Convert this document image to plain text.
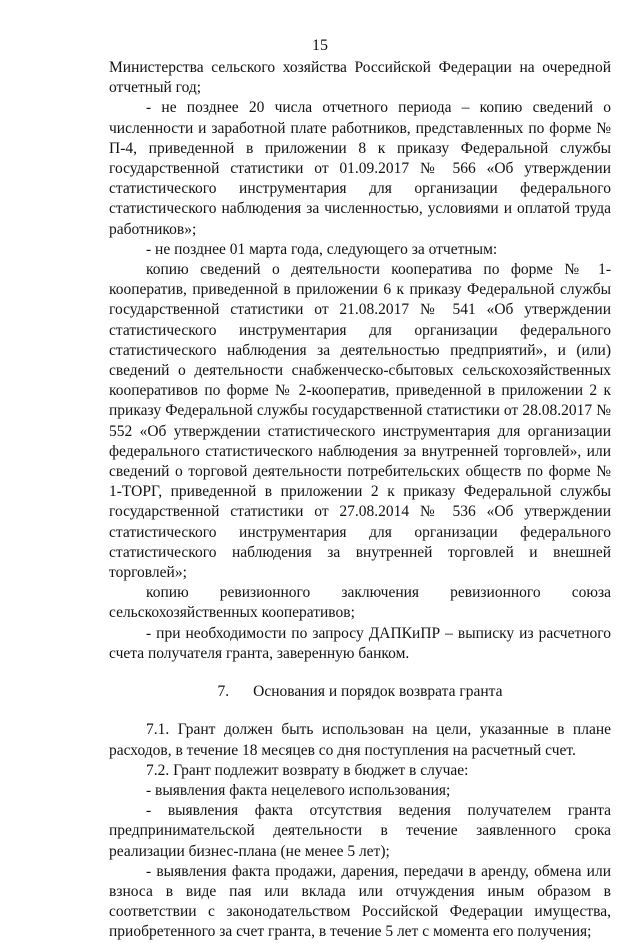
15

Министерства сельского хозяйства Российской Федерации на очередной отчетный год;

- не позднее 20 числа отчетного периода – копию сведений о численности и заработной плате работников, представленных по форме № П-4, приведенной в приложении 8 к приказу Федеральной службы государственной статистики от 01.09.2017 № 566 «Об утверждении статистического инструментария для организации федерального статистического наблюдения за численностью, условиями и оплатой труда работников»;

- не позднее 01 марта года, следующего за отчетным:

копию сведений о деятельности кооператива по форме № 1-кооператив, приведенной в приложении 6 к приказу Федеральной службы государственной статистики от 21.08.2017 № 541 «Об утверждении статистического инструментария для организации федерального статистического наблюдения за деятельностью предприятий», и (или) сведений о деятельности снабженческо-сбытовых сельскохозяйственных кооперативов по форме № 2-кооператив, приведенной в приложении 2 к приказу Федеральной службы государственной статистики от 28.08.2017 № 552 «Об утверждении статистического инструментария для организации федерального статистического наблюдения за внутренней торговлей», или сведений о торговой деятельности потребительских обществ по форме № 1-ТОРГ, приведенной в приложении 2 к приказу Федеральной службы государственной статистики от 27.08.2014 № 536 «Об утверждении статистического инструментария для организации федерального статистического наблюдения за внутренней торговлей и внешней торговлей»;

копию ревизионного заключения ревизионного союза сельскохозяйственных кооперативов;

- при необходимости по запросу ДАПКиПР – выписку из расчетного счета получателя гранта, заверенную банком.

7. Основания и порядок возврата гранта

7.1. Грант должен быть использован на цели, указанные в плане расходов, в течение 18 месяцев со дня поступления на расчетный счет.

7.2. Грант подлежит возврату в бюджет в случае:

- выявления факта нецелевого использования;

- выявления факта отсутствия ведения получателем гранта предпринимательской деятельности в течение заявленного срока реализации бизнес-плана (не менее 5 лет);

- выявления факта продажи, дарения, передачи в аренду, обмена или взноса в виде пая или вклада или отчуждения иным образом в соответствии с законодательством Российской Федерации имущества, приобретенного за счет гранта, в течение 5 лет с момента его получения;
